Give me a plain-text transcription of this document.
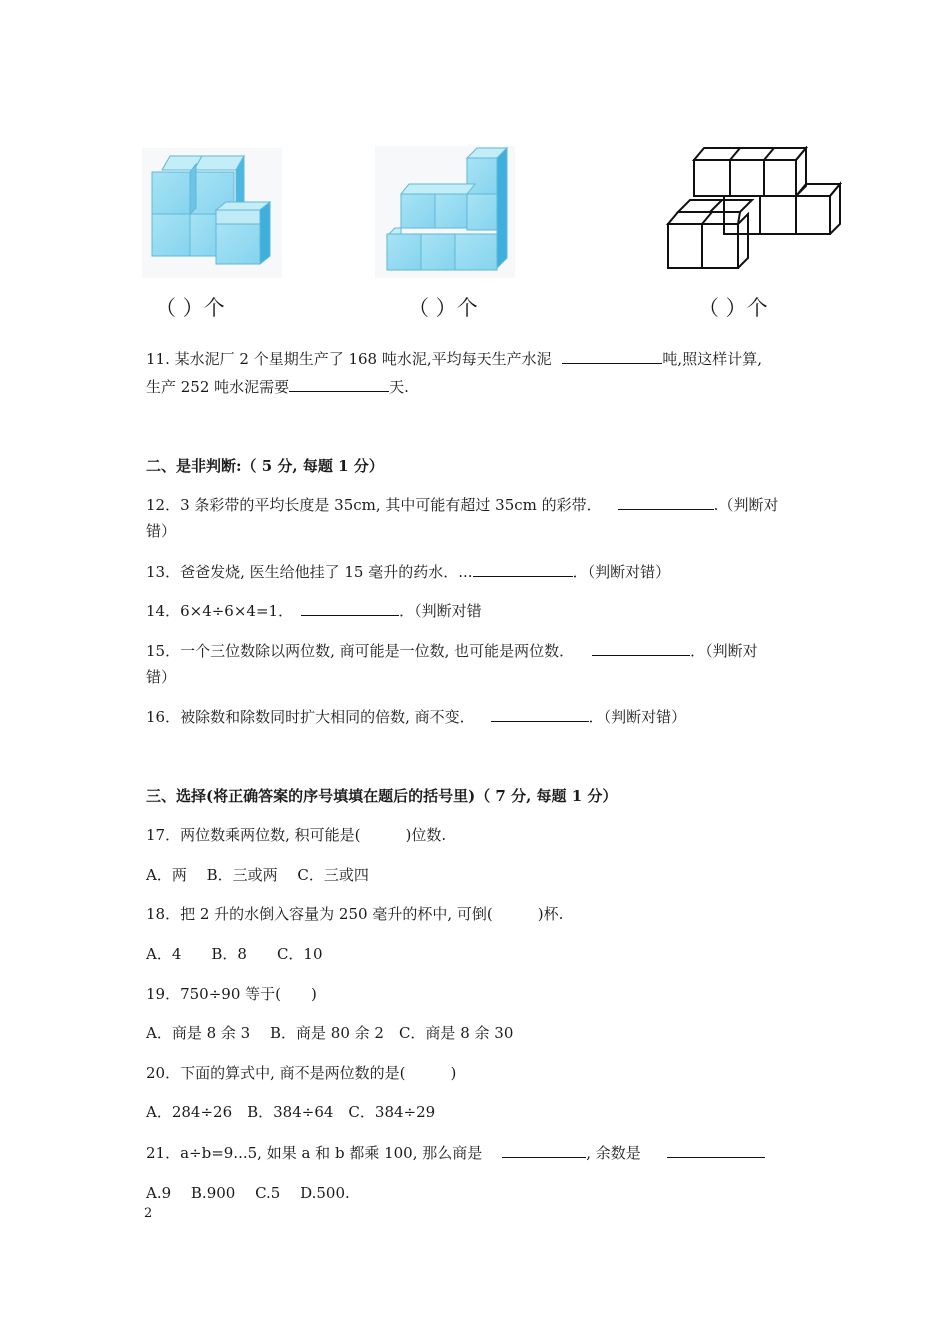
（ ）个	（ ）个	（ ）个
11. 某水泥厂 2 个星期生产了 168 吨水泥,平均每天生产水泥	吨,照这样计算,
生产 252 吨水泥需要	天.
二、是非判断:（ 5 分, 每题 1 分）
12．3 条彩带的平均长度是 35cm, 其中可能有超过 35cm 的彩带．	.（判断对
错）
13．爸爸发烧, 医生给他挂了 15 毫升的药水．...	．（判断对错）
14．6×4÷6×4=1．	．（判断对错
15．一个三位数除以两位数, 商可能是一位数, 也可能是两位数．	．（判断对
错）
16．被除数和除数同时扩大相同的倍数, 商不变．	．（判断对错）
三、选择(将正确答案的序号填填在题后的括号里)（ 7 分, 每题 1 分）
17．两位数乘两位数, 积可能是(　　　)位数.
A．两　 B．三或两　 C．三或四
18．把 2 升的水倒入容量为 250 毫升的杯中, 可倒(　　　)杯.
A．4　　B．8　　C．10
19．750÷90 等于(　　)
A．商是 8 余 3　 B．商是 80 余 2　C．商是 8 余 30
20．下面的算式中, 商不是两位数的是(　　　)
A．284÷26　B．384÷64　C．384÷29
21．a÷b=9...5, 如果 a 和 b 都乘 100, 那么商是	, 余数是
A.9　 B.900　 C.5　 D.500.
2
